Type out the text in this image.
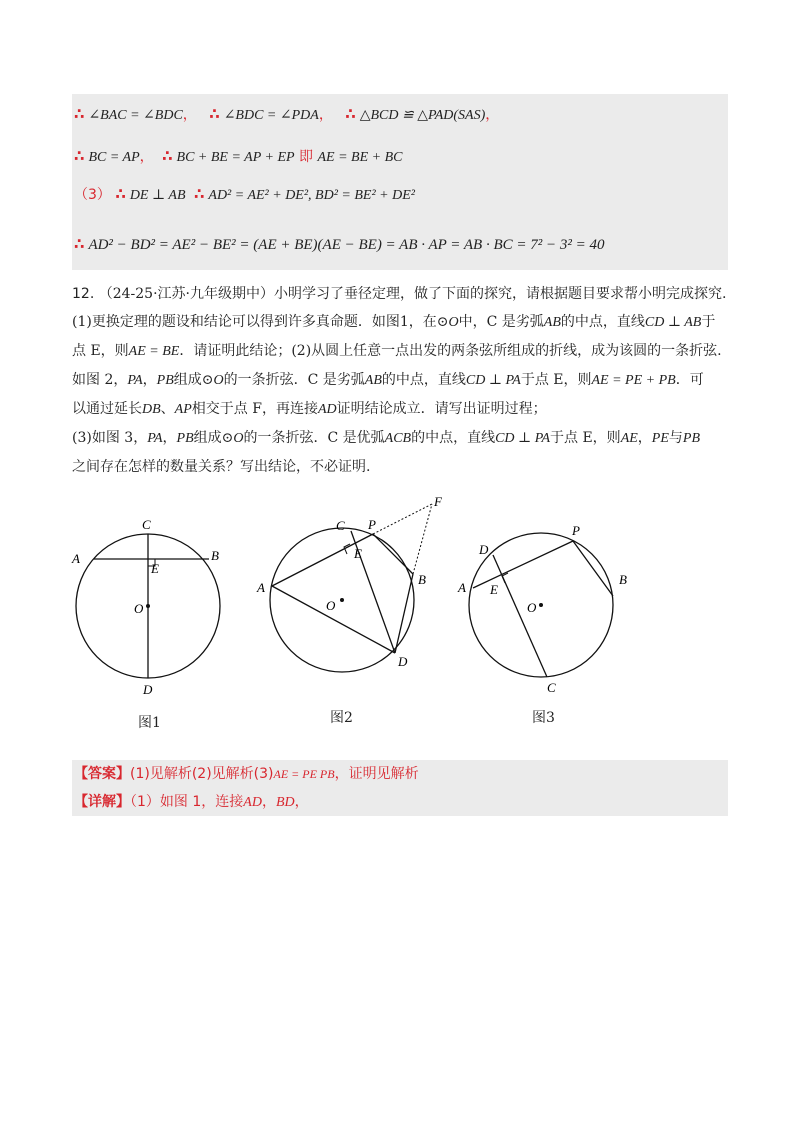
∴ ∠BAC = ∠BDC， ∴ ∠BDC = ∠PDA， ∴ △BCD ≌ △PAD(SAS)，
∴ BC = AP， ∴ BC + BE = AP + EP 即 AE = BE + BC
（3） ∴ DE ⊥ AB ∴ AD² = AE² + DE², BD² = BE² + DE²
∴ AD² − BD² = AE² − BE² = (AE + BE)(AE − BE) = AB · AP = AB · BC = 7² − 3² = 40
12. （24-25·江苏·九年级期中）小明学习了垂径定理，做了下面的探究，请根据题目要求帮小明完成探究.
(1)更换定理的题设和结论可以得到许多真命题．如图1，在⊙O中，C 是劣弧AB的中点，直线CD ⊥ AB于
点 E，则AE = BE．请证明此结论；(2)从圆上任意一点出发的两条弦所组成的折线，成为该圆的一条折弦.
如图 2，PA，PB组成⊙O的一条折弦．C 是劣弧AB的中点，直线CD ⊥ PA于点 E，则AE = PE + PB．可
以通过延长DB、AP相交于点 F，再连接AD证明结论成立．请写出证明过程；
(3)如图 3，PA，PB组成⊙O的一条折弦．C 是优弧ACB的中点，直线CD ⊥ PA于点 E，则AE，PE与PB
之间存在怎样的数量关系？写出结论，不必证明.
C
A	B
E
O
D
图1
C P
F
E
A
B
O
D
图2
D
P
A E
O
B
C
图3
【答案】(1)见解析(2)见解析(3)AE = PE PB，证明见解析
【详解】（1）如图 1，连接AD，BD，
